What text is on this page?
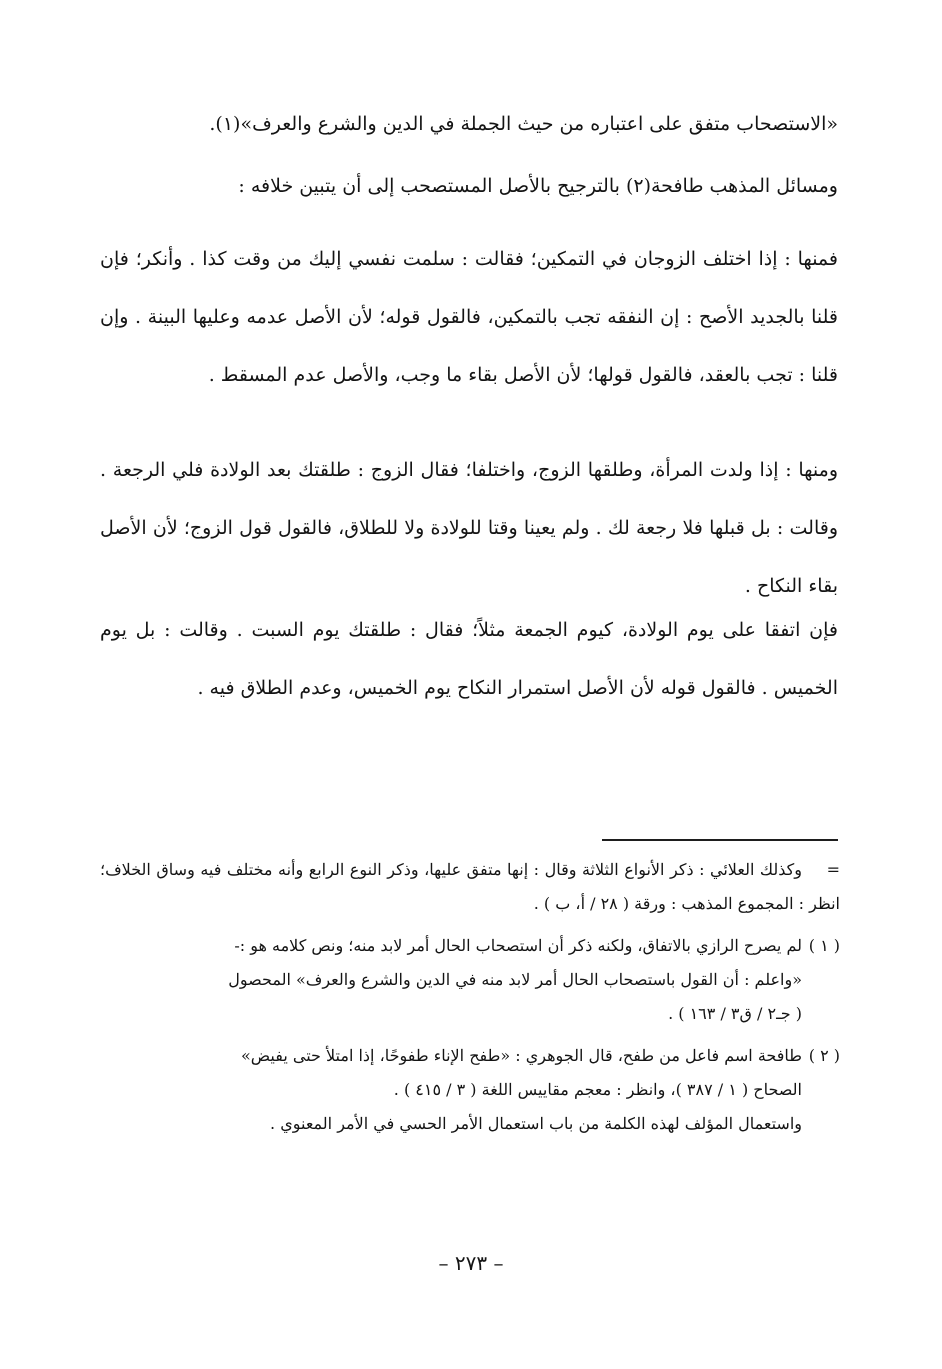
«الاستصحاب متفق على اعتباره من حيث الجملة في الدين والشرع والعرف»(١).

ومسائل المذهب طافحة(٢) بالترجيح بالأصل المستصحب إلى أن يتبين خلافه :

فمنها : إذا اختلف الزوجان في التمكين؛ فقالت : سلمت نفسي إليك من وقت كذا . وأنكر؛ فإن قلنا بالجديد الأصح : إن النفقه تجب بالتمكين، فالقول قوله؛ لأن الأصل عدمه وعليها البينة . وإن قلنا : تجب بالعقد، فالقول قولها؛ لأن الأصل بقاء ما وجب، والأصل عدم المسقط .

ومنها : إذا ولدت المرأة، وطلقها الزوج، واختلفا؛ فقال الزوج : طلقتك بعد الولادة فلي الرجعة . وقالت : بل قبلها فلا رجعة لك . ولم يعينا وقتا للولادة ولا للطلاق، فالقول قول الزوج؛ لأن الأصل بقاء النكاح .

فإن اتفقا على يوم الولادة، كيوم الجمعة مثلاً؛ فقال : طلقتك يوم السبت . وقالت : بل يوم الخميس . فالقول قوله لأن الأصل استمرار النكاح يوم الخميس، وعدم الطلاق فيه .

=وكذلك العلائي : ذكر الأنواع الثلاثة وقال : إنها متفق عليها، وذكر النوع الرابع وأنه مختلف فيه وساق الخلاف؛ انظر : المجموع المذهب : ورقة ( ٢٨ / أ، ب ) .

( ١ )لم يصرح الرازي بالاتفاق، ولكنه ذكر أن استصحاب الحال أمر لابد منه؛ ونص كلامه هو :-

«واعلم : أن القول باستصحاب الحال أمر لابد منه في الدين والشرع والعرف» المحصول

( جـ٢ / ق٣ / ١٦٣ ) .

( ٢ )طافحة اسم فاعل من طفح، قال الجوهري : «طفح الإناء طفوحًا، إذا امتلأ حتى يفيض»

الصحاح ( ١ / ٣٨٧ )، وانظر : معجم مقاييس اللغة ( ٣ / ٤١٥ ) .

واستعمال المؤلف لهذه الكلمة من باب استعمال الأمر الحسي في الأمر المعنوي .

– ٢٧٣ –
